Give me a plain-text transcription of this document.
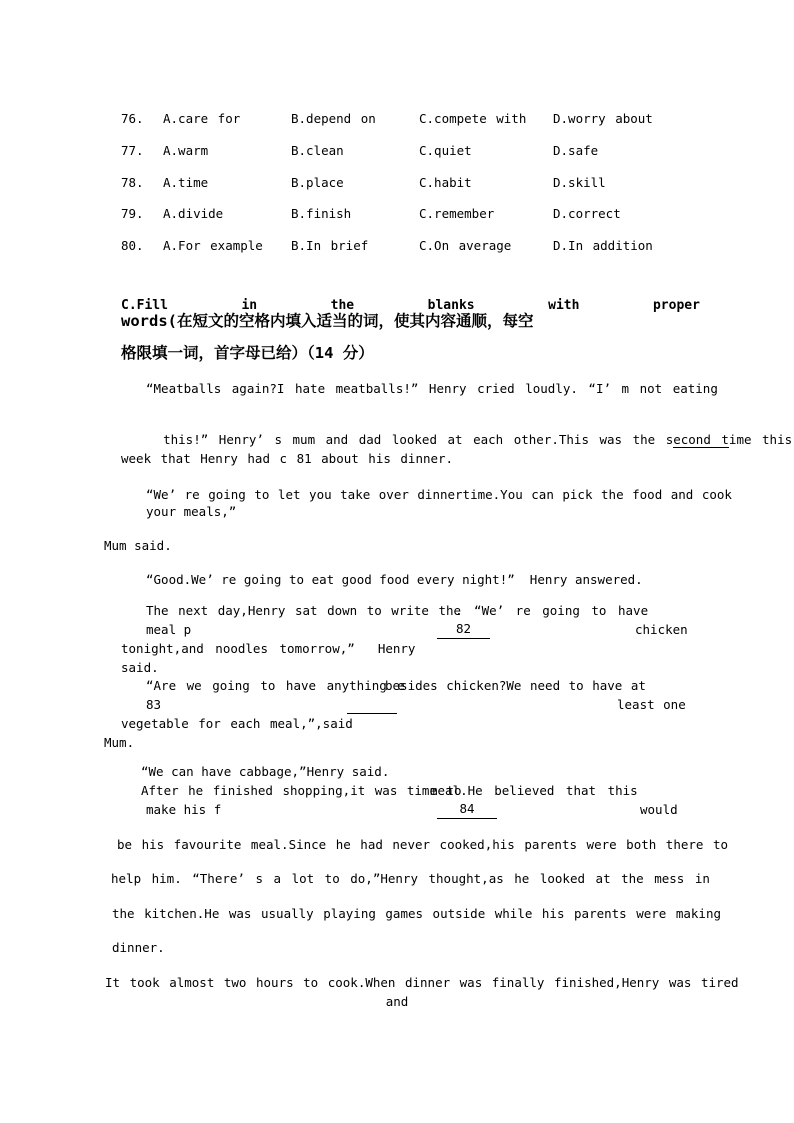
76. A.care for	B.depend on	C.compete with D.worry about
77. A.warm	B.clean	C.quiet	D.safe
78. A.time	B.place	C.habit	D.skill
79. A.divide	B.finish	C.remember	D.correct
80. A.For example B.In brief	C.On average	D.In addition
C.Fill	in	the	blanks	with	proper
words(在短文的空格内填入适当的词，使其内容通顺，每空
格限填一词，首字母已给）（14 分）
“Meatballs again?I hate meatballs!” Henry cried loudly. “I’ m not eating

this!” Henry’ s mum and dad looked at each other.This was the second time this

week that Henry had c 81 about his dinner.
“We’ re going to let you take over dinnertime.You can pick the food and cook
your meals,”
Mum said.
“Good.We’ re going to eat good food every night!”  Henry answered.
The next day,Henry sat down to write the
. “We’ re going to have
meal p	82	chicken
tonight,and noodles tomorrow,”  Henry
said.
“Are we going to have anything e
besides chicken?We need to have at
83	least one
vegetable for each meal,”,said
Mum.
“We can have cabbage,”Henry said.
After he finished shopping,it was time to
meal.He believed that this
make his f	84	would
be his favourite meal.Since he had never cooked,his parents were both there to
help him. “There’ s a lot to do,”Henry thought,as he looked at the mess in
the kitchen.He was usually playing games outside while his parents were making
dinner.
It took almost two hours to cook.When dinner was finally finished,Henry was tired
and
